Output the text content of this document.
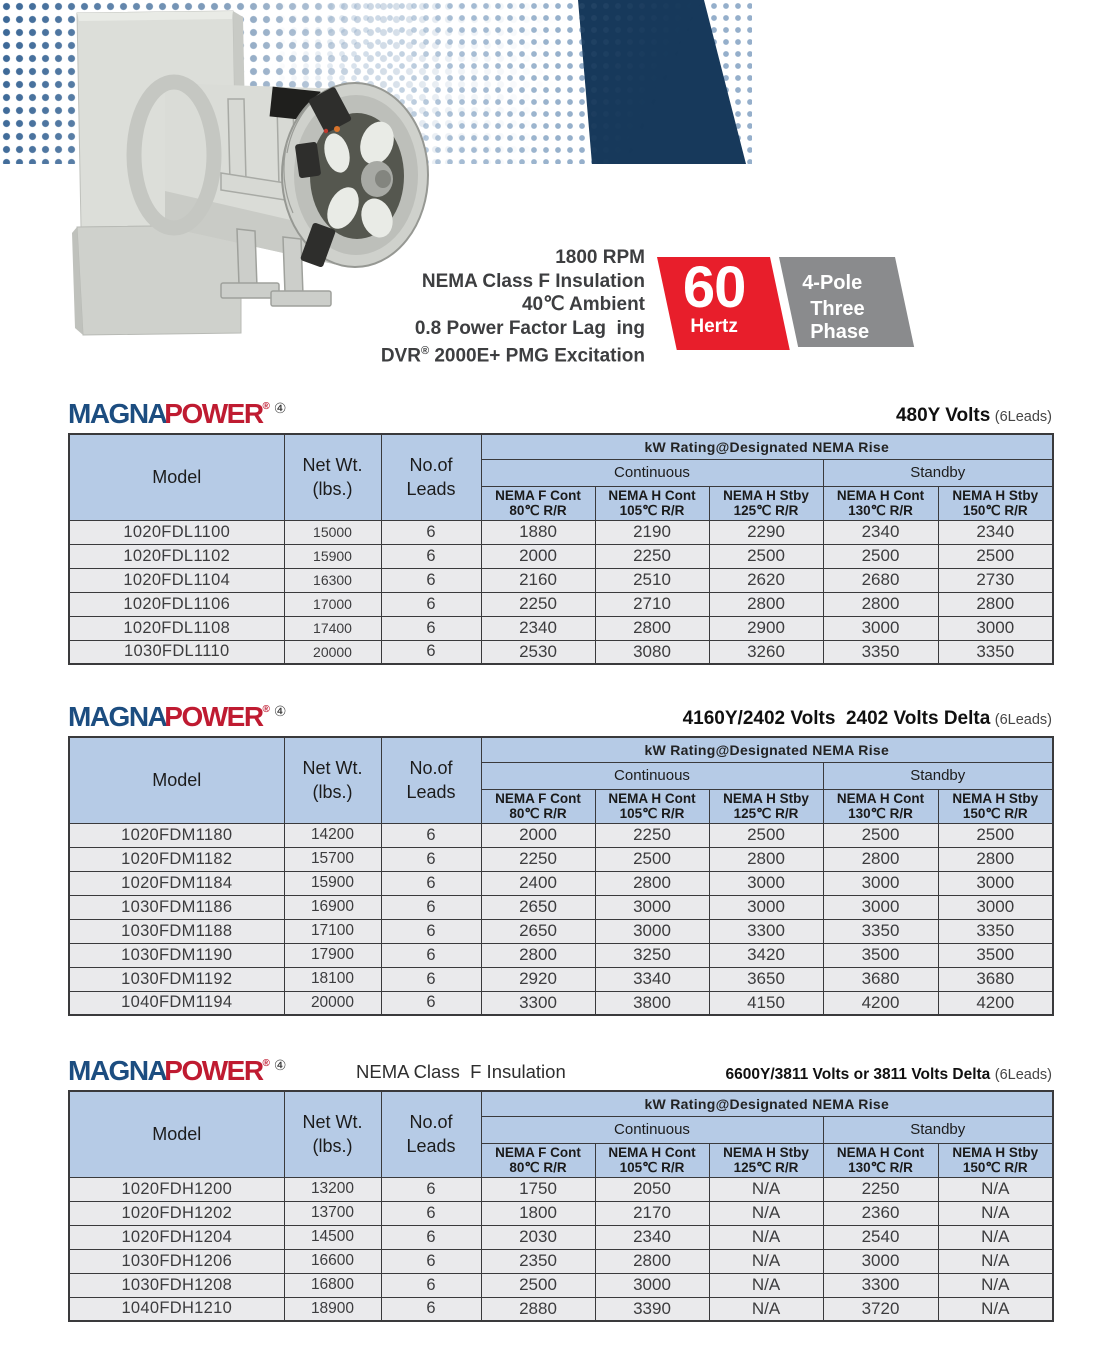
1800 RPM
NEMA Class F Insulation
40℃ Ambient
0.8 Power Factor Lag  ing
DVR® 2000E+ PMG Excitation
60
Hertz
4-Pole
Three Phase
MAGNAPOWER® ④	480Y Volts (6Leads)
Model	
Net Wt.
(lbs.)

No.of
Leads
	kW Rating@Designated NEMA Rise
			Continuous			Standby	

NEMA F Cont
80℃ R/R

NEMA H Cont
105℃ R/R

NEMA H Stby
125℃ R/R

NEMA H Cont
130℃ R/R

NEMA H Stby
150℃ R/R

1020FDL1100	15000	6	1880	2190	2290	2340	2340
1020FDL1102	15900	6	2000	2250	2500	2500	2500
1020FDL1104	16300	6	2160	2510	2620	2680	2730
1020FDL1106	17000	6	2250	2710	2800	2800	2800
1020FDL1108	17400	6	2340	2800	2900	3000	3000
1030FDL1110	20000	6	2530	3080	3260	3350	3350
MAGNAPOWER® ④	4160Y/2402 Volts  2402 Volts Delta (6Leads)
Model	
Net Wt.
(lbs.)

No.of
Leads
	kW Rating@Designated NEMA Rise
			Continuous			Standby	

NEMA F Cont
80℃ R/R

NEMA H Cont
105℃ R/R

NEMA H Stby
125℃ R/R

NEMA H Cont
130℃ R/R

NEMA H Stby
150℃ R/R

1020FDM1180	14200	6	2000	2250	2500	2500	2500
1020FDM1182	15700	6	2250	2500	2800	2800	2800
1020FDM1184	15900	6	2400	2800	3000	3000	3000
1030FDM1186	16900	6	2650	3000	3000	3000	3000
1030FDM1188	17100	6	2650	3000	3300	3350	3350
1030FDM1190	17900	6	2800	3250	3420	3500	3500
1030FDM1192	18100	6	2920	3340	3650	3680	3680
1040FDM1194	20000	6	3300	3800	4150	4200	4200
MAGNAPOWER® ④	NEMA Class  F Insulation	6600Y/3811 Volts or 3811 Volts Delta (6Leads)
Model	
Net Wt.
(lbs.)

No.of
Leads
	kW Rating@Designated NEMA Rise
			Continuous			Standby	

NEMA F Cont
80℃ R/R

NEMA H Cont
105℃ R/R

NEMA H Stby
125℃ R/R

NEMA H Cont
130℃ R/R

NEMA H Stby
150℃ R/R

1020FDH1200	13200	6	1750	2050	N/A	2250	N/A
1020FDH1202	13700	6	1800	2170	N/A	2360	N/A
1020FDH1204	14500	6	2030	2340	N/A	2540	N/A
1030FDH1206	16600	6	2350	2800	N/A	3000	N/A
1030FDH1208	16800	6	2500	3000	N/A	3300	N/A
1040FDH1210	18900	6	2880	3390	N/A	3720	N/A
